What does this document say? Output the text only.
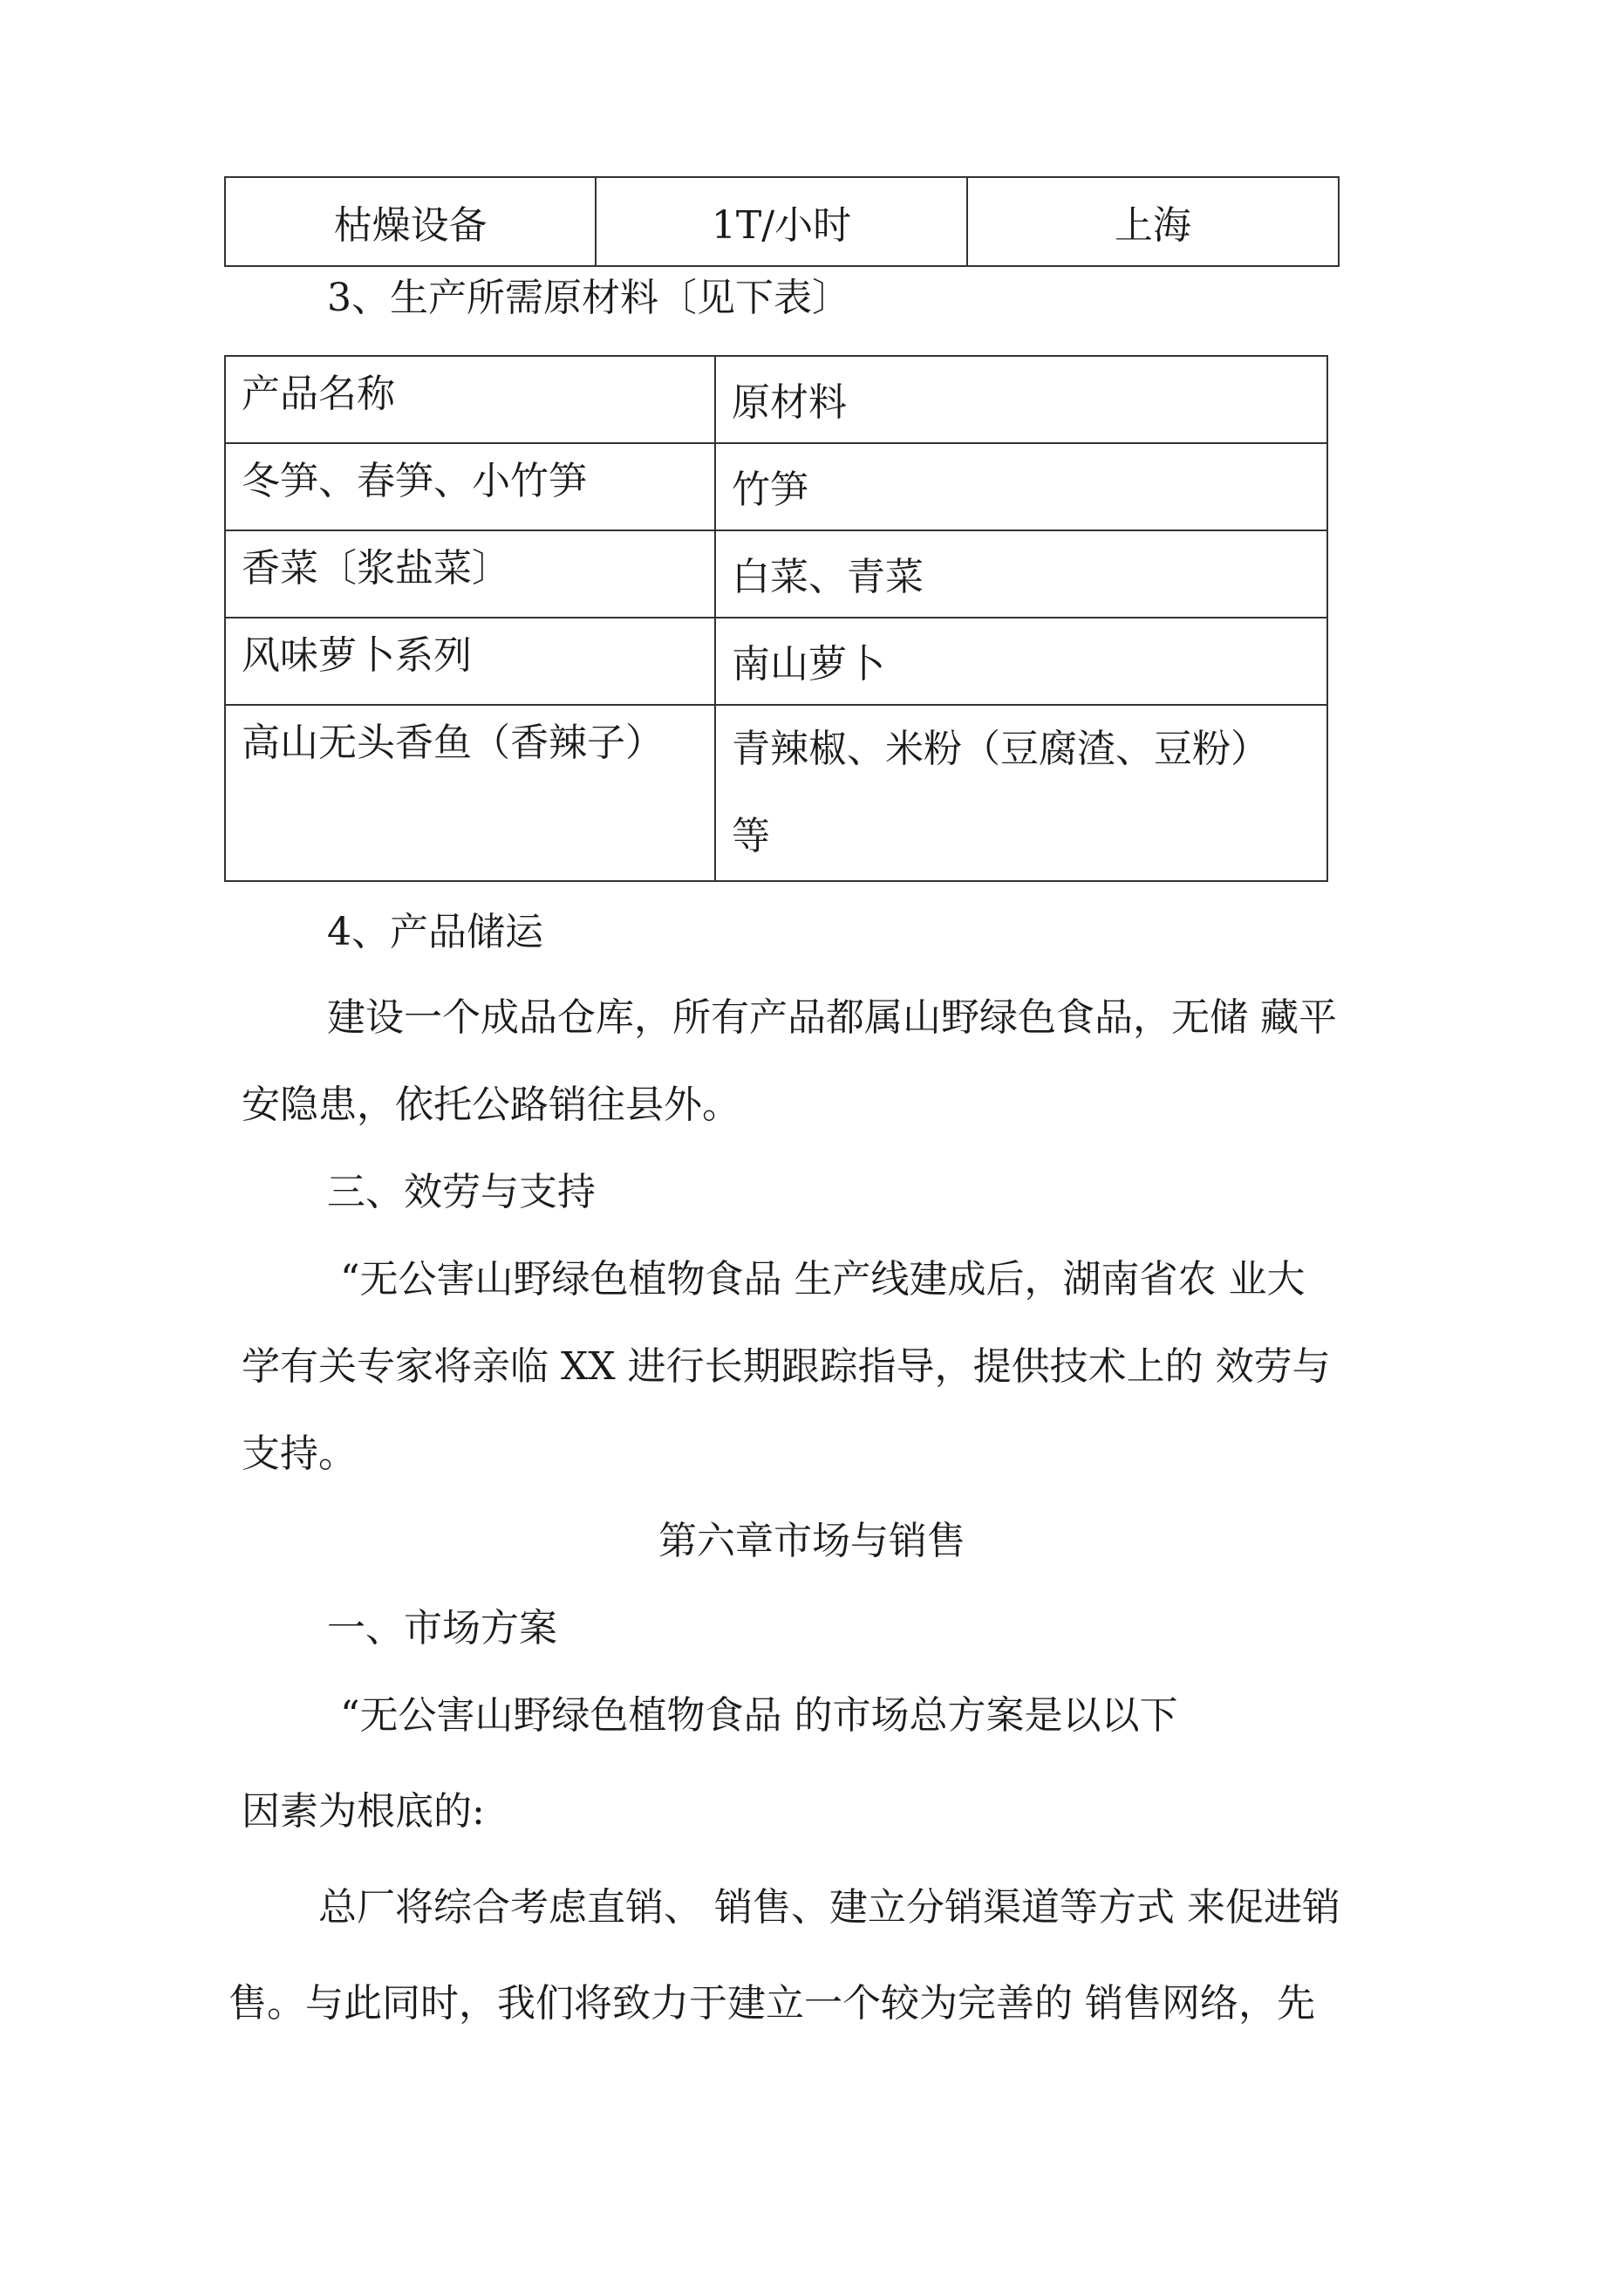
枯燥设备	1T/小时	上海
3、生产所需原材料〔见下表〕
产品名称	原材料

冬笋、春笋、小竹笋	竹笋

香菜〔浆盐菜〕	白菜、青菜

风味萝卜系列	南山萝卜

高山无头香鱼（香辣子）	青辣椒、米粉（豆腐渣、豆粉）等
4、产品储运
建设一个成品仓库，所有产品都属山野绿色食品，无储 藏平
安隐患，依托公路销往县外。
三、效劳与支持
“无公害山野绿色植物食品 生产线建成后，湖南省农 业大
学有关专家将亲临 XX 进行长期跟踪指导，提供技术上的 效劳与
支持。
第六章市场与销售
一、市场方案
“无公害山野绿色植物食品 的市场总方案是以以下
因素为根底的:
总厂将综合考虑直销、 销售、建立分销渠道等方式 来促进销
售。与此同时，我们将致力于建立一个较为完善的 销售网络，先
